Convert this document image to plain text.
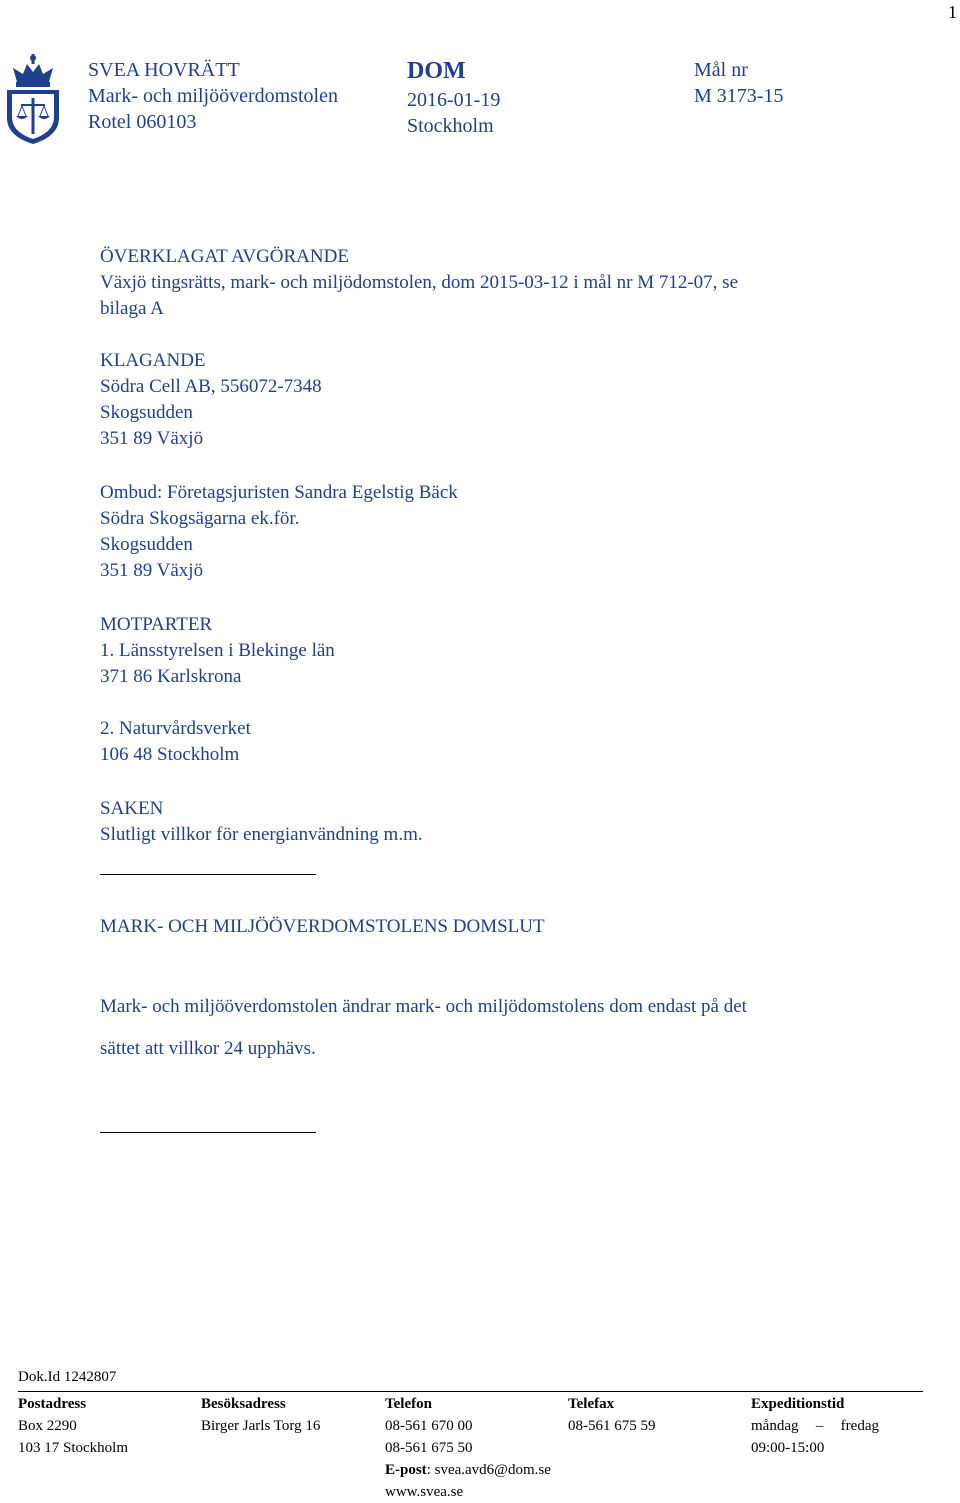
1
SVEA HOVRÄTT
Mark- och miljööverdomstolen
Rotel 060103
DOM
2016-01-19
Stockholm
Mål nr
M 3173-15
ÖVERKLAGAT AVGÖRANDE
Växjö tingsrätts, mark- och miljödomstolen, dom 2015-03-12 i mål nr M 712-07, se
bilaga A
KLAGANDE
Södra Cell AB, 556072-7348
Skogsudden
351 89 Växjö
Ombud: Företagsjuristen Sandra Egelstig Bäck
Södra Skogsägarna ek.för.
Skogsudden
351 89 Växjö
MOTPARTER
1. Länsstyrelsen i Blekinge län
371 86 Karlskrona
2. Naturvårdsverket
106 48 Stockholm
SAKEN
Slutligt villkor för energianvändning m.m.
MARK- OCH MILJÖÖVERDOMSTOLENS DOMSLUT
Mark- och miljööverdomstolen ändrar mark- och miljödomstolens dom endast på det
sättet att villkor 24 upphävs.
Dok.Id 1242807
Postadress
Box 2290
103 17 Stockholm
Besöksadress
Birger Jarls Torg 16
Telefon
08-561 670 00
08-561 675 50
E-post: svea.avd6@dom.se
www.svea.se
Telefax
08-561 675 59
Expeditionstid
måndag – fredag
09:00-15:00
